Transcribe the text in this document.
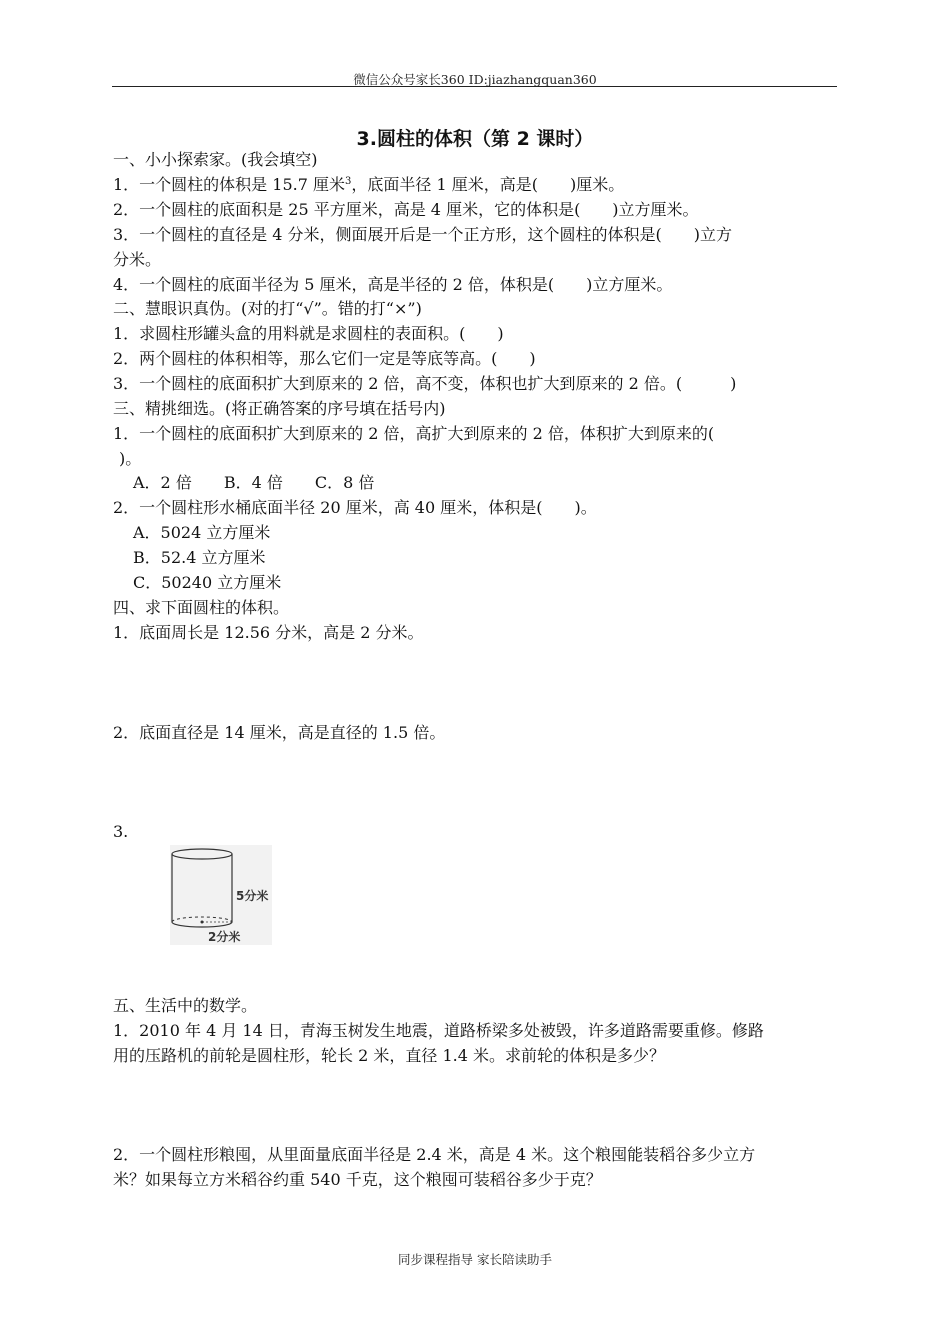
微信公众号家长360 ID:jiazhangquan360
3.圆柱的体积（第 2 课时）
一、小小探索家。(我会填空)
1．一个圆柱的体积是 15.7 厘米$^3$，底面半径 1 厘米，高是(　　)厘米。
2．一个圆柱的底面积是 25 平方厘米，高是 4 厘米，它的体积是(　　)立方厘米。
3．一个圆柱的直径是 4 分米，侧面展开后是一个正方形，这个圆柱的体积是(　　)立方
分米。
4．一个圆柱的底面半径为 5 厘米，高是半径的 2 倍，体积是(　　)立方厘米。
二、慧眼识真伪。(对的打“√”。错的打“×”)
1．求圆柱形罐头盒的用料就是求圆柱的表面积。(　　)
2．两个圆柱的体积相等，那么它们一定是等底等高。(　　)
3．一个圆柱的底面积扩大到原来的 2 倍，高不变，体积也扩大到原来的 2 倍。(　　　)
三、精挑细选。(将正确答案的序号填在括号内)
1．一个圆柱的底面积扩大到原来的 2 倍，高扩大到原来的 2 倍，体积扩大到原来的(
)。
A．2 倍　　B．4 倍　　C．8 倍
2．一个圆柱形水桶底面半径 20 厘米，高 40 厘米，体积是(　　)。
A．5024 立方厘米
B．52.4 立方厘米
C．50240 立方厘米
四、求下面圆柱的体积。
1．底面周长是 12.56 分米，高是 2 分米。
2．底面直径是 14 厘米，高是直径的 1.5 倍。
3.
5分米
2分米
五、生活中的数学。
1．2010 年 4 月 14 日，青海玉树发生地震，道路桥梁多处被毁，许多道路需要重修。修路
用的压路机的前轮是圆柱形，轮长 2 米，直径 1.4 米。求前轮的体积是多少？
2．一个圆柱形粮囤，从里面量底面半径是 2.4 米，高是 4 米。这个粮囤能装稻谷多少立方
米？如果每立方米稻谷约重 540 千克，这个粮囤可装稻谷多少于克？
同步课程指导 家长陪读助手
